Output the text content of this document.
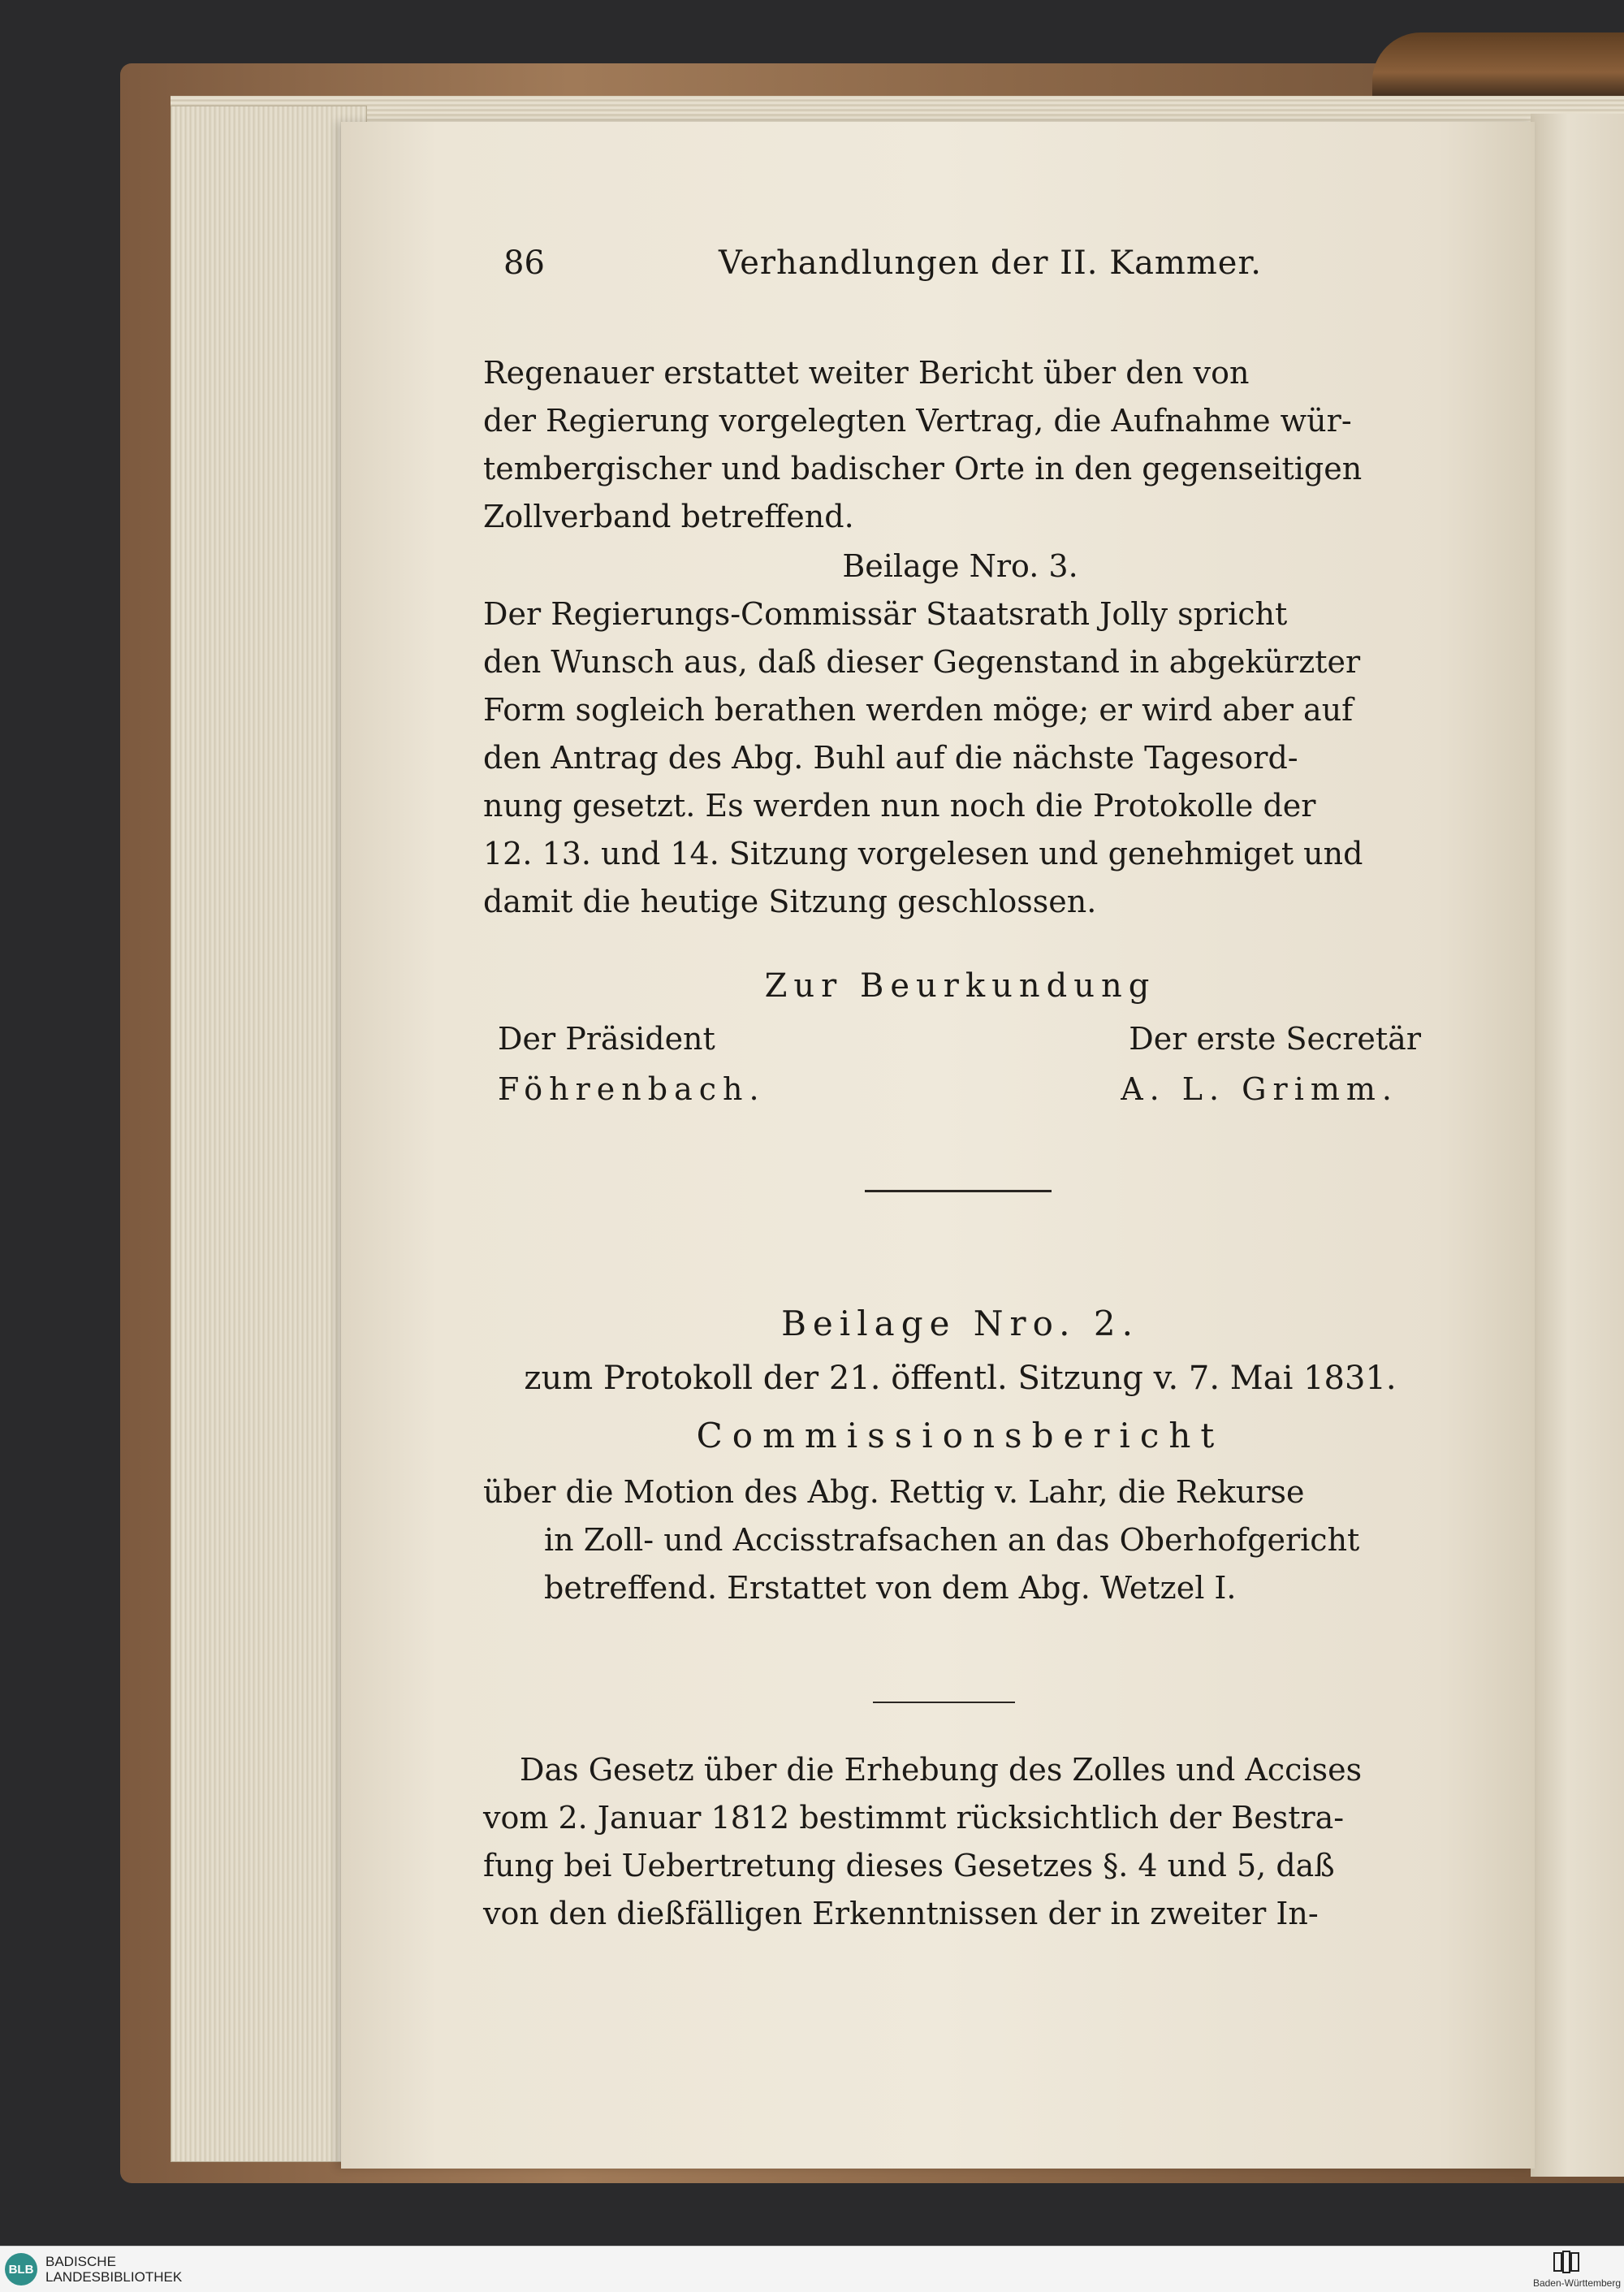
86	Verhandlungen der II. Kammer.
Regenauer erstattet weiter Bericht über den von
der Regierung vorgelegten Vertrag, die Aufnahme wür-
tembergischer und badischer Orte in den gegenseitigen
Zollverband betreffend.
Beilage Nro. 3.
Der Regierungs-Commissär Staatsrath Jolly spricht
den Wunsch aus, daß dieser Gegenstand in abgekürzter
Form sogleich berathen werden möge; er wird aber auf
den Antrag des Abg. Buhl auf die nächste Tagesord-
nung gesetzt. Es werden nun noch die Protokolle der
12. 13. und 14. Sitzung vorgelesen und genehmiget und
damit die heutige Sitzung geschlossen.
Zur Beurkundung
Der Präsident	Der erste Secretär
Föhrenbach.	A. L. Grimm.
Beilage Nro. 2.
zum Protokoll der 21. öffentl. Sitzung v. 7. Mai 1831.
Commissionsbericht
über die Motion des Abg. Rettig v. Lahr, die Rekurse
in Zoll- und Accisstrafsachen an das Oberhofgericht
betreffend. Erstattet von dem Abg. Wetzel I.
Das Gesetz über die Erhebung des Zolles und Accises
vom 2. Januar 1812 bestimmt rücksichtlich der Bestra-
fung bei Uebertretung dieses Gesetzes §. 4 und 5, daß
von den dießfälligen Erkenntnissen der in zweiter In-
BLB BADISCHE
LANDESBIBLIOTHEK	Baden-Württemberg
